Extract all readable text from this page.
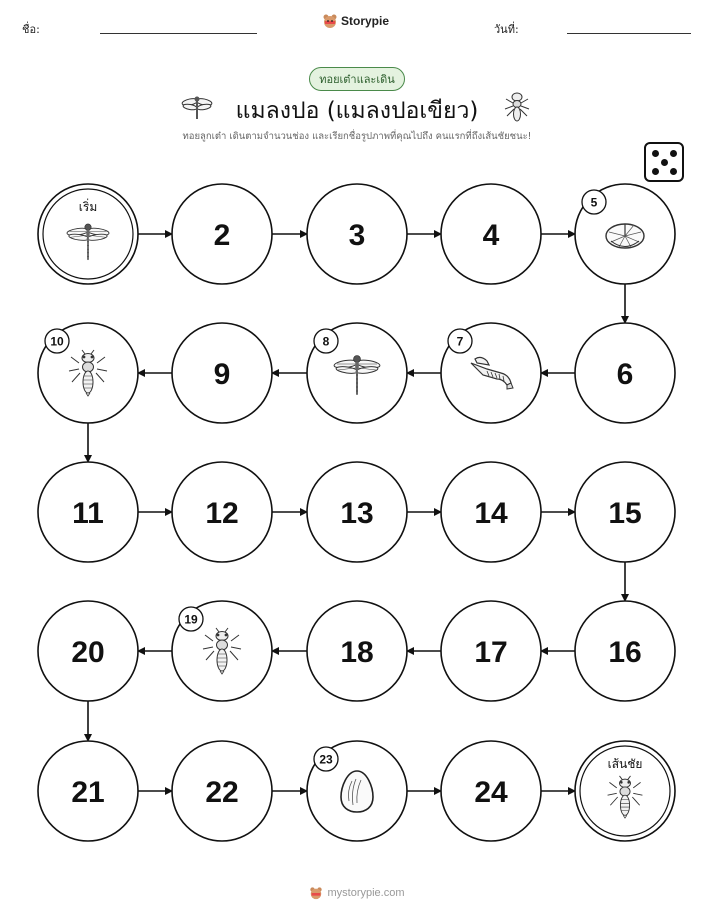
ชื่อ:
Storypie
วันที่:
ทอยเต๋าและเดิน
แมลงปอ (แมลงปอเขียว)
ทอยลูกเต๋า เดินตามจำนวนช่อง และเรียกชื่อรูปภาพที่คุณไปถึง คนแรกที่ถึงเส้นชัยชนะ!
เริ่ม
2	3	4
5
6
7
8
9
10
11	12	13	14	15
16
17
18
19
20
21	22
23
24
เส้นชัย
mystorypie.com
